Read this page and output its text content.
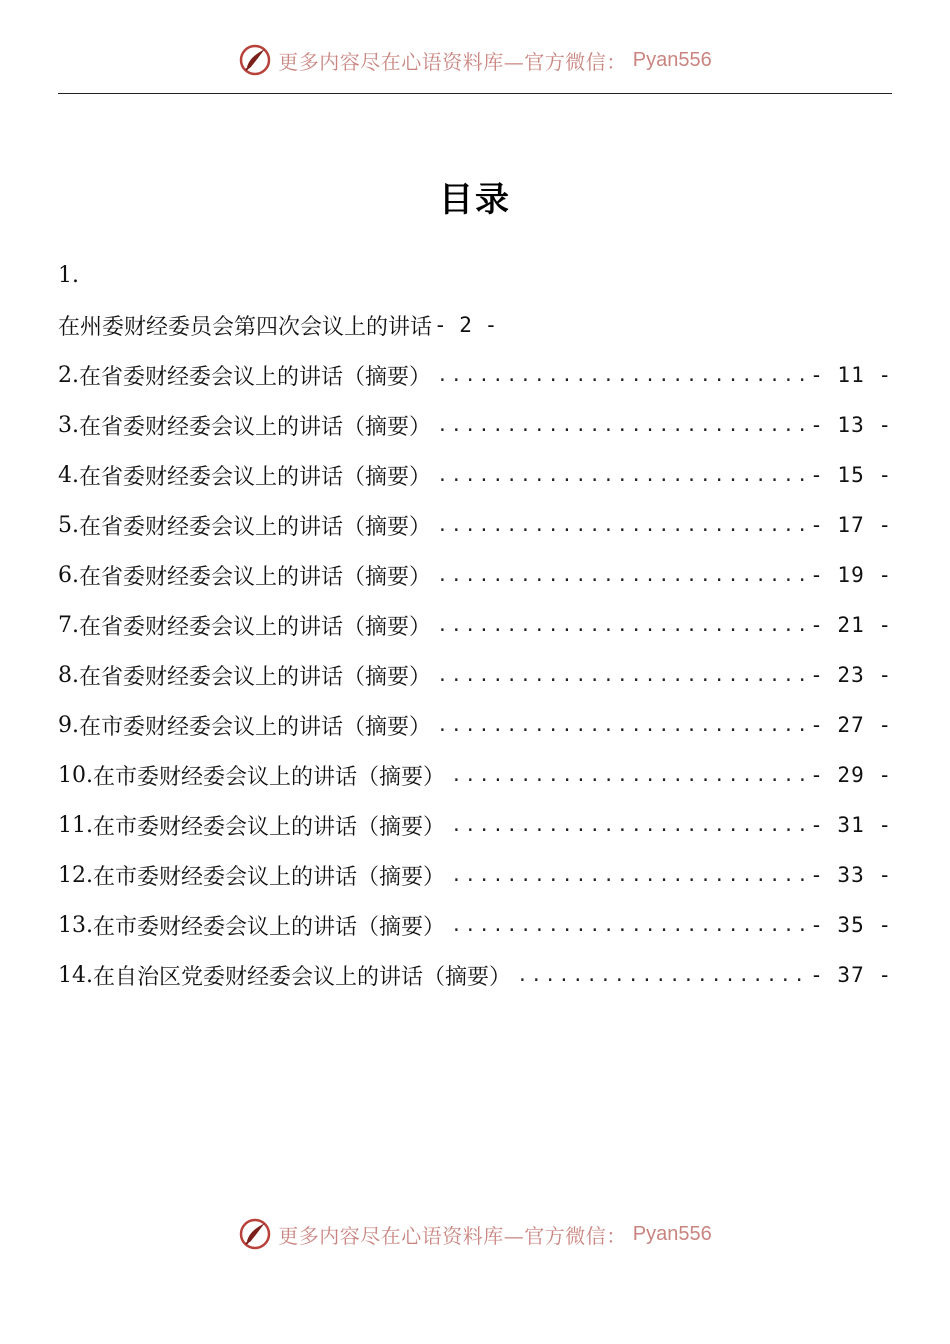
更多内容尽在心语资料库—官方微信： Pyan556
目录
1.
在州委财经委员会第四次会议上的讲话 - 2 -
2. 在省委财经委会议上的讲话（摘要） .....	- 11 -
3. 在省委财经委会议上的讲话（摘要） .....	- 13 -
4. 在省委财经委会议上的讲话（摘要） .....	- 15 -
5. 在省委财经委会议上的讲话（摘要） .....	- 17 -
6. 在省委财经委会议上的讲话（摘要） .....	- 19 -
7. 在省委财经委会议上的讲话（摘要） .....	- 21 -
8. 在省委财经委会议上的讲话（摘要） .....	- 23 -
9. 在市委财经委会议上的讲话（摘要） .....	- 27 -
10. 在市委财经委会议上的讲话（摘要） .....	- 29 -
11. 在市委财经委会议上的讲话（摘要） .....	- 31 -
12. 在市委财经委会议上的讲话（摘要） .....	- 33 -
13. 在市委财经委会议上的讲话（摘要） .....	- 35 -
14. 在自治区党委财经委会议上的讲话（摘要） .....	- 37 -
更多内容尽在心语资料库—官方微信： Pyan556
